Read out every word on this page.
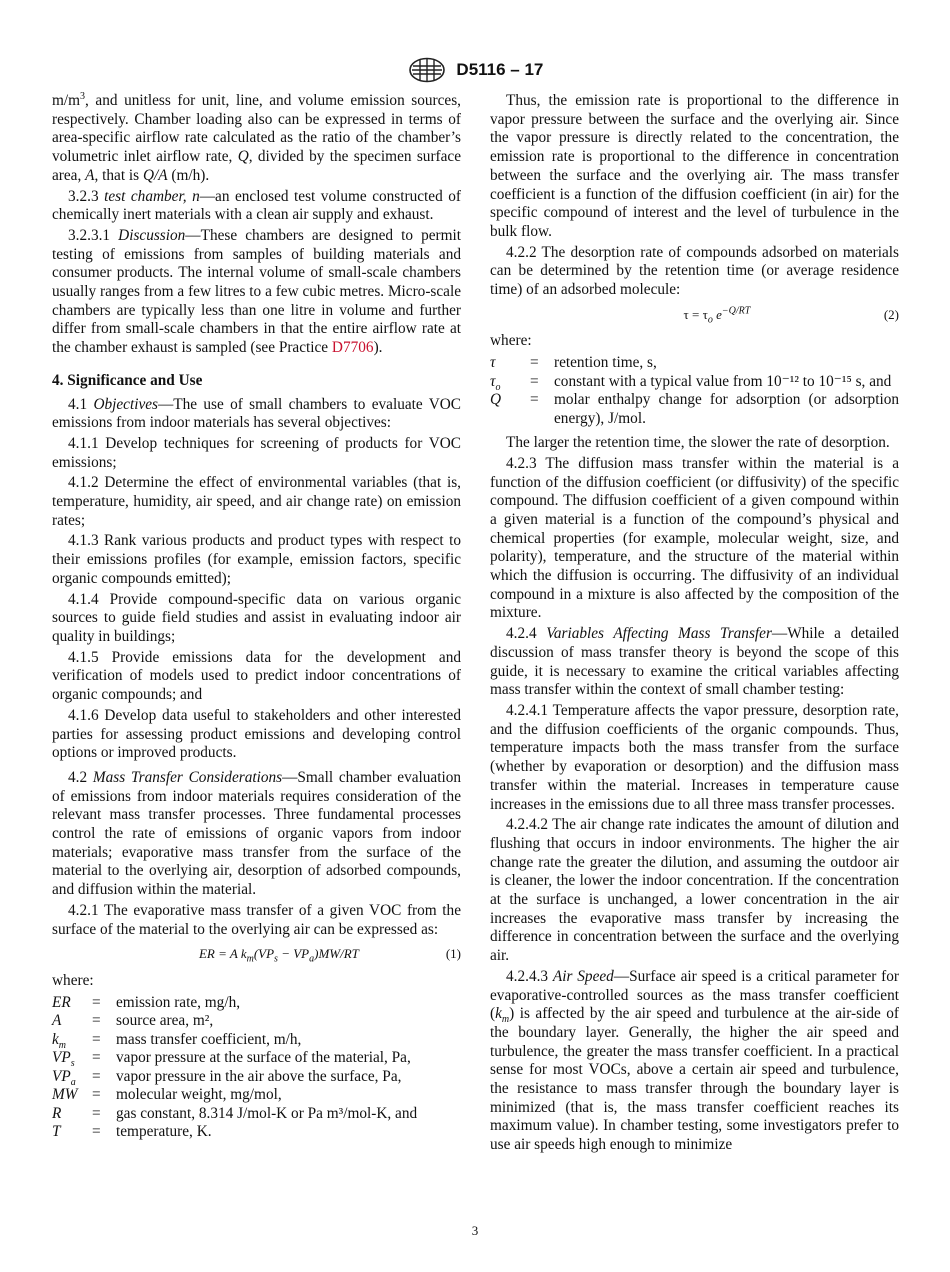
D5116 – 17

$m/m^3$, and unitless for unit, line, and volume emission sources, respectively. Chamber loading also can be expressed in terms of area-specific airflow rate calculated as the ratio of the chamber’s volumetric inlet airflow rate, Q, divided by the specimen surface area, A, that is Q/A (m/h).

3.2.3 test chamber, n—an enclosed test volume constructed of chemically inert materials with a clean air supply and exhaust.

3.2.3.1 Discussion—These chambers are designed to permit testing of emissions from samples of building materials and consumer products. The internal volume of small-scale chambers usually ranges from a few litres to a few cubic metres. Micro-scale chambers are typically less than one litre in volume and further differ from small-scale chambers in that the entire airflow rate at the chamber exhaust is sampled (see Practice D7706).

4. Significance and Use

4.1 Objectives—The use of small chambers to evaluate VOC emissions from indoor materials has several objectives:

4.1.1 Develop techniques for screening of products for VOC emissions;

4.1.2 Determine the effect of environmental variables (that is, temperature, humidity, air speed, and air change rate) on emission rates;

4.1.3 Rank various products and product types with respect to their emissions profiles (for example, emission factors, specific organic compounds emitted);

4.1.4 Provide compound-specific data on various organic sources to guide field studies and assist in evaluating indoor air quality in buildings;

4.1.5 Provide emissions data for the development and verification of models used to predict indoor concentrations of organic compounds; and

4.1.6 Develop data useful to stakeholders and other interested parties for assessing product emissions and developing control options or improved products.

4.2 Mass Transfer Considerations—Small chamber evaluation of emissions from indoor materials requires consideration of the relevant mass transfer processes. Three fundamental processes control the rate of emissions of organic vapors from indoor materials; evaporative mass transfer from the surface of the material to the overlying air, desorption of adsorbed compounds, and diffusion within the material.

4.2.1 The evaporative mass transfer of a given VOC from the surface of the material to the overlying air can be expressed as:

ER = A $k_m(VP_s - VP_a)MW/RT$	(1)

where:

ER	=	emission rate, mg/h,
A	=	source area, m²,
$k_m$	=	mass transfer coefficient, m/h,
$VP_s$	=	vapor pressure at the surface of the material, Pa,
$VP_a$	=	vapor pressure in the air above the surface, Pa,
MW	=	molecular weight, mg/mol,
R	=	gas constant, 8.314 J/mol-K or Pa m³/mol-K, and
T	=	temperature, K.

Thus, the emission rate is proportional to the difference in vapor pressure between the surface and the overlying air. Since the vapor pressure is directly related to the concentration, the emission rate is proportional to the difference in concentration between the surface and the overlying air. The mass transfer coefficient is a function of the diffusion coefficient (in air) for the specific compound of interest and the level of turbulence in the bulk flow.

4.2.2 The desorption rate of compounds adsorbed on materials can be determined by the retention time (or average residence time) of an adsorbed molecule:

$\tau = \tau_o$ $e^{-Q/RT}$	(2)

where:

τ	=	retention time, s,
$\tau_o$	=	constant with a typical value from 10⁻¹² to 10⁻¹⁵ s, and
Q	=	molar enthalpy change for adsorption (or adsorption energy), J/mol.

The larger the retention time, the slower the rate of desorption.

4.2.3 The diffusion mass transfer within the material is a function of the diffusion coefficient (or diffusivity) of the specific compound. The diffusion coefficient of a given compound within a given material is a function of the compound’s physical and chemical properties (for example, molecular weight, size, and polarity), temperature, and the structure of the material within which the diffusion is occurring. The diffusivity of an individual compound in a mixture is also affected by the composition of the mixture.

4.2.4 Variables Affecting Mass Transfer—While a detailed discussion of mass transfer theory is beyond the scope of this guide, it is necessary to examine the critical variables affecting mass transfer within the context of small chamber testing:

4.2.4.1 Temperature affects the vapor pressure, desorption rate, and the diffusion coefficients of the organic compounds. Thus, temperature impacts both the mass transfer from the surface (whether by evaporation or desorption) and the diffusion mass transfer within the material. Increases in temperature cause increases in the emissions due to all three mass transfer processes.

4.2.4.2 The air change rate indicates the amount of dilution and flushing that occurs in indoor environments. The higher the air change rate the greater the dilution, and assuming the outdoor air is cleaner, the lower the indoor concentration. If the concentration at the surface is unchanged, a lower concentration in the air increases the evaporative mass transfer by increasing the difference in concentration between the surface and the overlying air.

4.2.4.3 Air Speed—Surface air speed is a critical parameter for evaporative-controlled sources as the mass transfer coefficient $(k_m)$ is affected by the air speed and turbulence at the air-side of the boundary layer. Generally, the higher the air speed and turbulence, the greater the mass transfer coefficient. In a practical sense for most VOCs, above a certain air speed and turbulence, the resistance to mass transfer through the boundary layer is minimized (that is, the mass transfer coefficient reaches its maximum value). In chamber testing, some investigators prefer to use air speeds high enough to minimize

3
